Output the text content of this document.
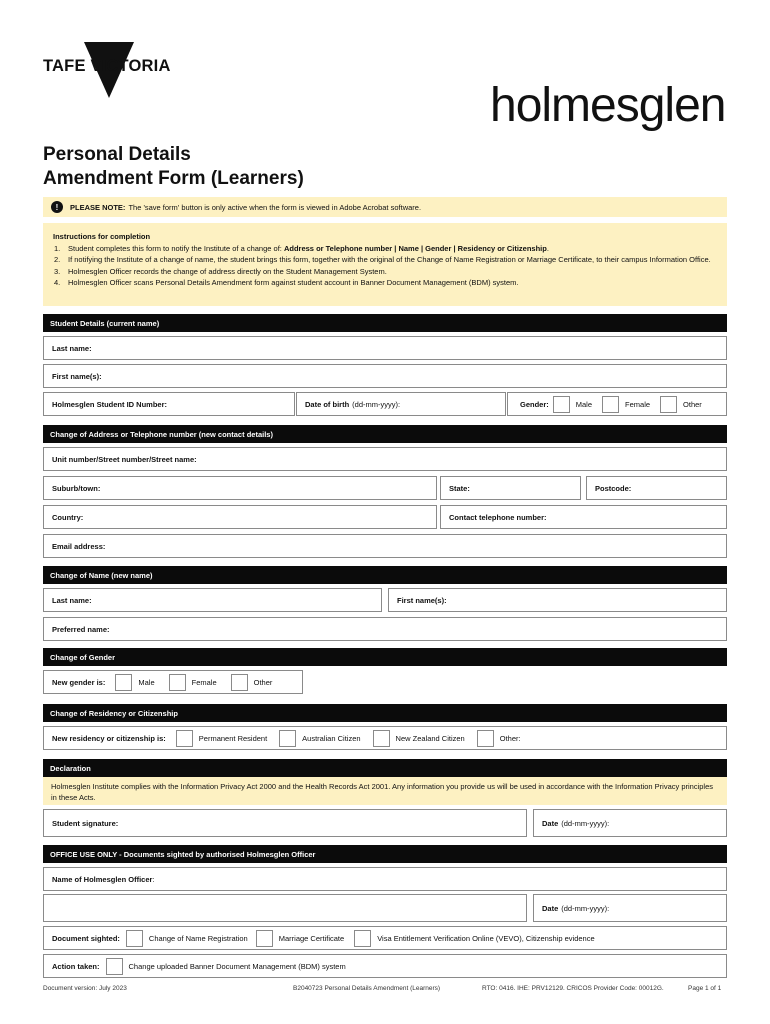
TAFE VICTORIA
holmesglen
Personal Details
Amendment Form (Learners)
!	PLEASE NOTE: The 'save form' button is only active when the form is viewed in Adobe Acrobat software.
Instructions for completion
1. Student completes this form to notify the Institute of a change of: Address or Telephone number | Name | Gender | Residency or Citizenship.
2. If notifying the Institute of a change of name, the student brings this form, together with the original of the Change of Name Registration or Marriage Certificate, to their campus Information Office.
3. Holmesglen Officer records the change of address directly on the Student Management System.
4. Holmesglen Officer scans Personal Details Amendment form against student account in Banner Document Management (BDM) system.
Student Details (current name)
Last name:
First name(s):
Holmesglen Student ID Number:	Date of birth (dd-mm-yyyy):	Gender:	Male	Female	Other
Change of Address or Telephone number (new contact details)
Unit number/Street number/Street name:
Suburb/town:	State:	Postcode:
Country:	Contact telephone number:
Email address:
Change of Name (new name)
Last name:	First name(s):
Preferred name:
Change of Gender
New gender is:	Male	Female	Other
Change of Residency or Citizenship
New residency or citizenship is:	Permanent Resident	Australian Citizen	New Zealand Citizen	Other:
Declaration
Holmesglen Institute complies with the Information Privacy Act 2000 and the Health Records Act 2001. Any information you provide us will be used in accordance with the Information Privacy principles in these Acts.
Student signature:	Date (dd-mm-yyyy):
OFFICE USE ONLY - Documents sighted by authorised Holmesglen Officer
Name of Holmesglen Officer :
Date (dd-mm-yyyy):
Document sighted:	Change of Name Registration	Marriage Certificate	Visa Entitlement Verification Online (VEVO), Citizenship evidence
Action taken:	Change uploaded Banner Document Management (BDM) system
Document version: July 2023	B2040723 Personal Details Amendment (Learners)	RTO: 0416. IHE: PRV12129. CRICOS Provider Code: 00012G.	Page 1 of 1
